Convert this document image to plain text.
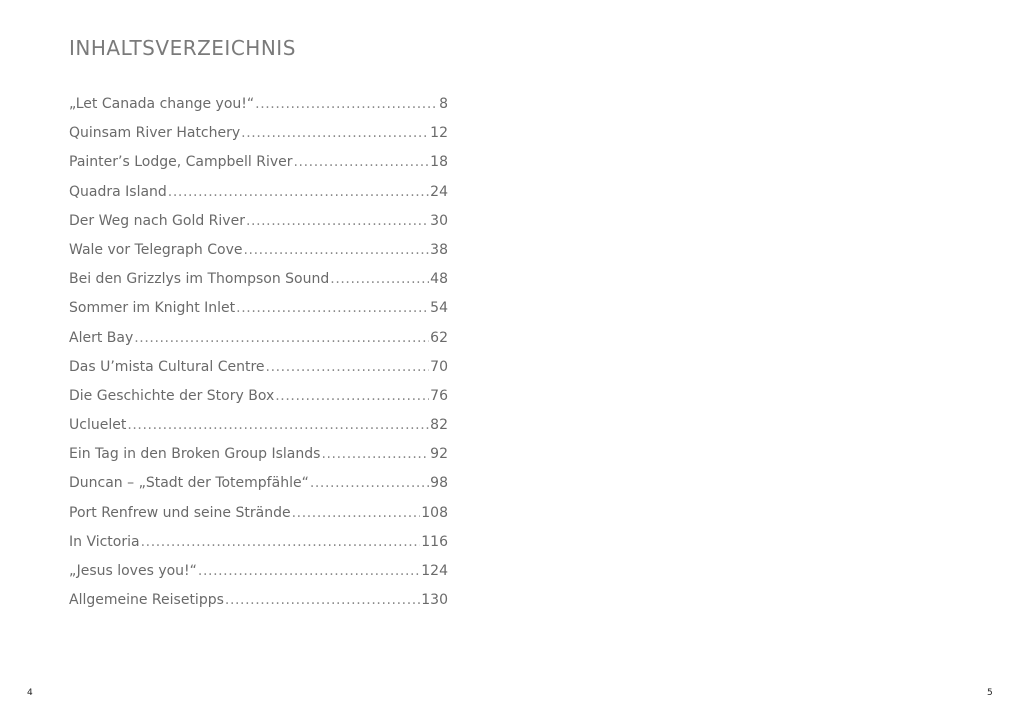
INHALTSVERZEICHNIS
„Let Canada change you!“ .....	8
Quinsam River Hatchery .....	12
Painter’s Lodge, Campbell River .....	18
Quadra Island .....	24
Der Weg nach Gold River .....	30
Wale vor Telegraph Cove .....	38
Bei den Grizzlys im Thompson Sound .....	48
Sommer im Knight Inlet .....	54
Alert Bay .....	62
Das U’mista Cultural Centre .....	70
Die Geschichte der Story Box .....	76
Ucluelet .....	82
Ein Tag in den Broken Group Islands .....	92
Duncan – „Stadt der Totempfähle“ .....	98
Port Renfrew und seine Strände .....	108
In Victoria .....	116
„Jesus loves you!“ .....	124
Allgemeine Reisetipps .....	130
4	5
